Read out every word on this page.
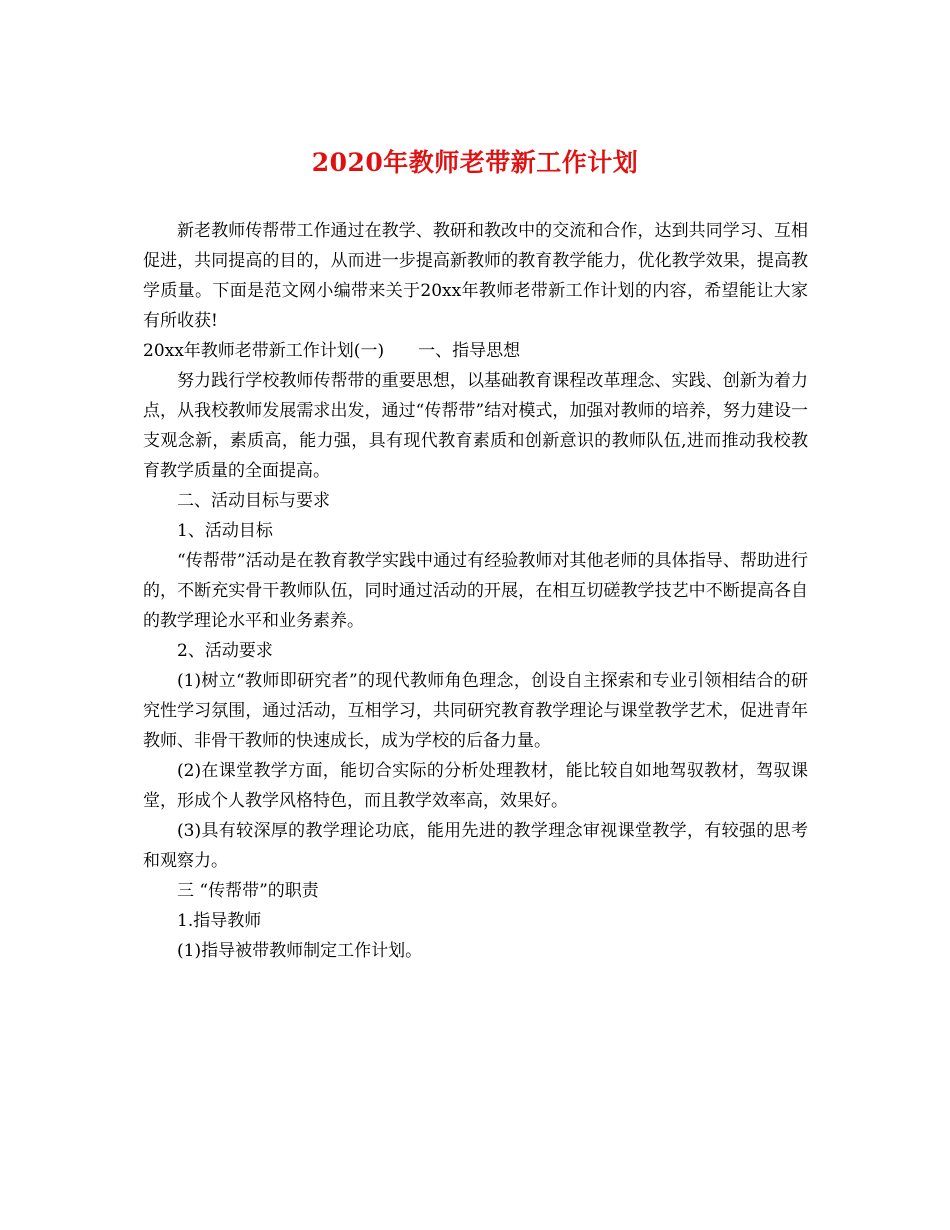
2020年教师老带新工作计划

新老教师传帮带工作通过在教学、教研和教改中的交流和合作，达到共同学习、互相促进，共同提高的目的，从而进一步提高新教师的教育教学能力，优化教学效果，提高教学质量。下面是范文网小编带来关于20xx年教师老带新工作计划的内容，希望能让大家有所收获!

20xx年教师老带新工作计划(一)　　一、指导思想

努力践行学校教师传帮带的重要思想，以基础教育课程改革理念、实践、创新为着力点，从我校教师发展需求出发，通过“传帮带”结对模式，加强对教师的培养，努力建设一支观念新，素质高，能力强，具有现代教育素质和创新意识的教师队伍,进而推动我校教育教学质量的全面提高。

二、活动目标与要求

1、活动目标

“传帮带”活动是在教育教学实践中通过有经验教师对其他老师的具体指导、帮助进行的，不断充实骨干教师队伍，同时通过活动的开展，在相互切磋教学技艺中不断提高各自的教学理论水平和业务素养。

2、活动要求

(1)树立“教师即研究者”的现代教师角色理念，创设自主探索和专业引领相结合的研究性学习氛围，通过活动，互相学习，共同研究教育教学理论与课堂教学艺术，促进青年教师、非骨干教师的快速成长，成为学校的后备力量。

(2)在课堂教学方面，能切合实际的分析处理教材，能比较自如地驾驭教材，驾驭课堂，形成个人教学风格特色，而且教学效率高，效果好。

(3)具有较深厚的教学理论功底，能用先进的教学理念审视课堂教学，有较强的思考和观察力。

三 “传帮带”的职责

1.指导教师

(1)指导被带教师制定工作计划。
